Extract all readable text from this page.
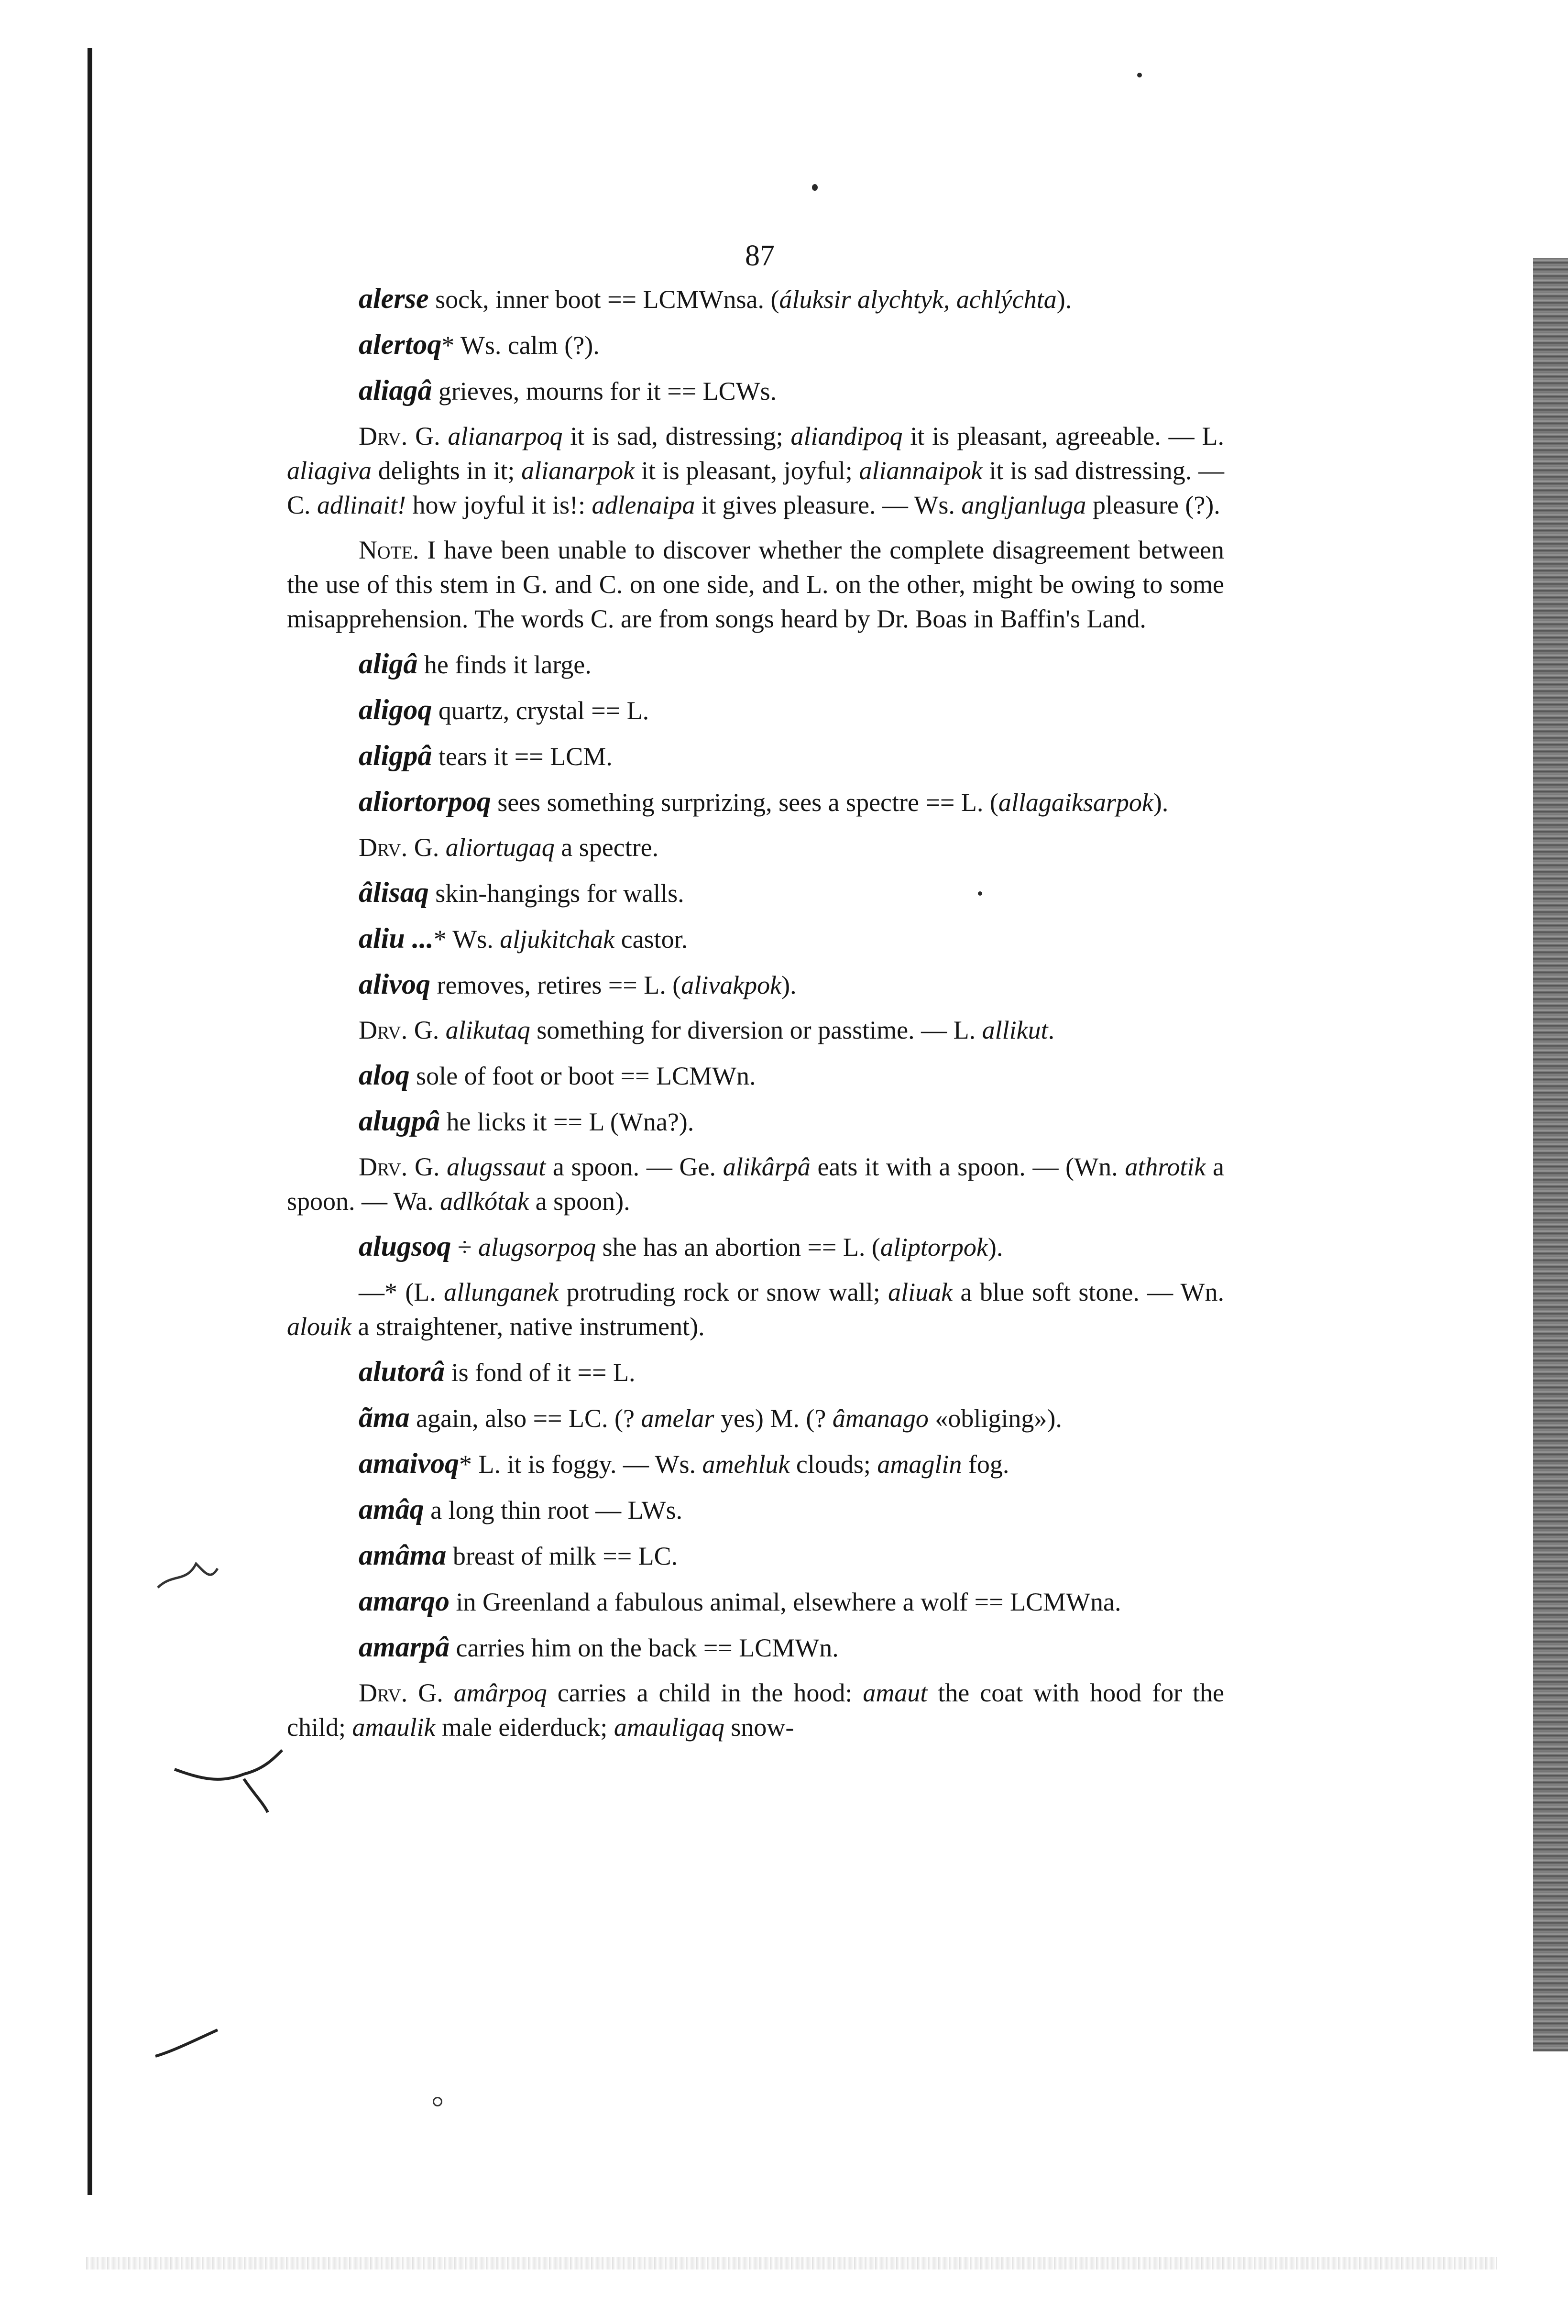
87

alerse sock, inner boot == LCMWnsa. (áluksir alychtyk, achlýchta).

alertoq* Ws. calm (?).

aliagâ grieves, mourns for it == LCWs.

Drv. G. alianarpoq it is sad, distressing; aliandipoq it is pleasant, agreeable. — L. aliagiva delights in it; alianarpok it is pleasant, joyful; aliannaipok it is sad distressing. — C. adlinait! how joyful it is!: adlenaipa it gives pleasure. — Ws. angljanluga pleasure (?).

Note. I have been unable to discover whether the complete disagreement between the use of this stem in G. and C. on one side, and L. on the other, might be owing to some misapprehension. The words C. are from songs heard by Dr. Boas in Baffin's Land.

aligâ he finds it large.

aligoq quartz, crystal == L.

aligpâ tears it == LCM.

aliortorpoq sees something surprizing, sees a spectre == L. (allagaiksarpok).

Drv. G. aliortugaq a spectre.

âlisaq skin-hangings for walls.

aliu ...* Ws. aljukitchak castor.

alivoq removes, retires == L. (alivakpok).

Drv. G. alikutaq something for diversion or passtime. — L. allikut.

aloq sole of foot or boot == LCMWn.

alugpâ he licks it == L (Wna?).

Drv. G. alugssaut a spoon. — Ge. alikârpâ eats it with a spoon. — (Wn. athrotik a spoon. — Wa. adlkótak a spoon).

alugsoq ÷ alugsorpoq she has an abortion == L. (aliptorpok).

—* (L. allunganek protruding rock or snow wall; aliuak a blue soft stone. — Wn. alouik a straightener, native instrument).

alutorâ is fond of it == L.

ãma again, also == LC. (? amelar yes) M. (? âmanago «obliging»).

amaivoq* L. it is foggy. — Ws. amehluk clouds; amaglin fog.

amâq a long thin root — LWs.

amâma breast of milk == LC.

amarqo in Greenland a fabulous animal, elsewhere a wolf == LCMWna.

amarpâ carries him on the back == LCMWn.

Drv. G. amârpoq carries a child in the hood: amaut the coat with hood for the child; amaulik male eiderduck; amauligaq snow-
